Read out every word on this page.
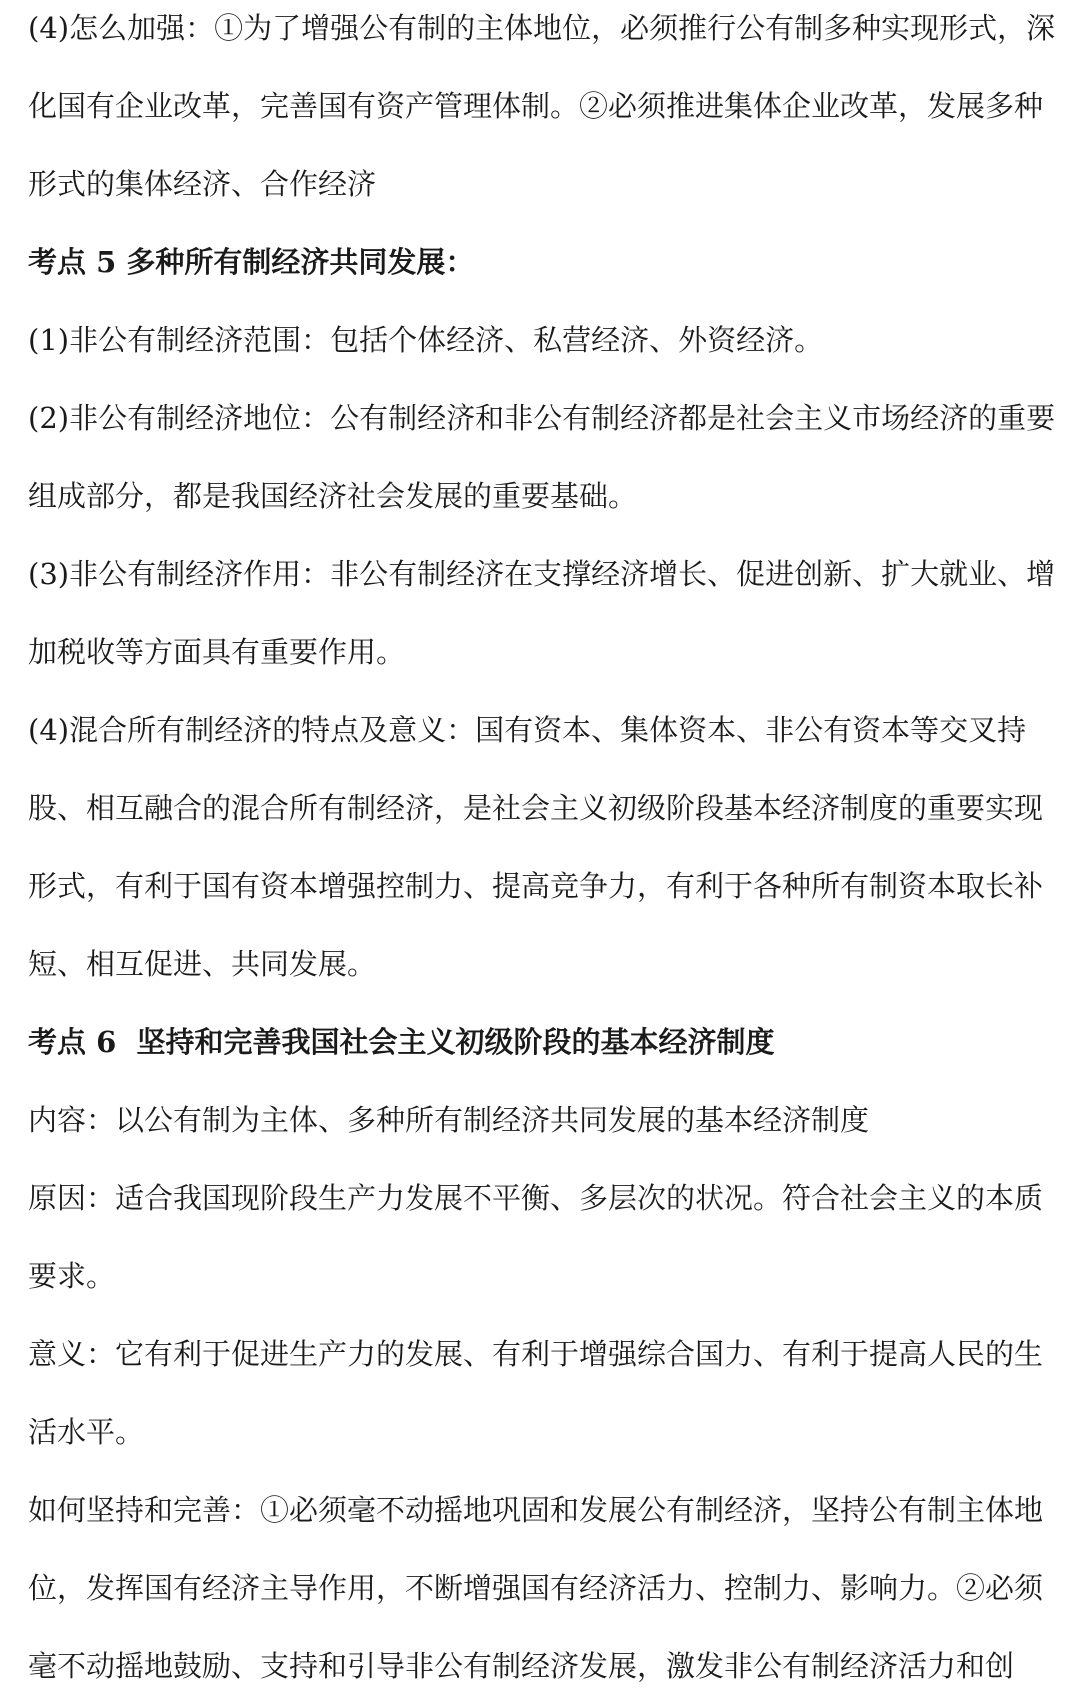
(4)怎么加强：①为了增强公有制的主体地位，必须推行公有制多种实现形式，深化国有企业改革，完善国有资产管理体制。②必须推进集体企业改革，发展多种形式的集体经济、合作经济

考点 5 多种所有制经济共同发展：

(1)非公有制经济范围：包括个体经济、私营经济、外资经济。

(2)非公有制经济地位：公有制经济和非公有制经济都是社会主义市场经济的重要组成部分，都是我国经济社会发展的重要基础。

(3)非公有制经济作用：非公有制经济在支撑经济增长、促进创新、扩大就业、增加税收等方面具有重要作用。

(4)混合所有制经济的特点及意义：国有资本、集体资本、非公有资本等交叉持股、相互融合的混合所有制经济，是社会主义初级阶段基本经济制度的重要实现形式，有利于国有资本增强控制力、提高竞争力，有利于各种所有制资本取长补短、相互促进、共同发展。

考点 6  坚持和完善我国社会主义初级阶段的基本经济制度

内容：以公有制为主体、多种所有制经济共同发展的基本经济制度

原因：适合我国现阶段生产力发展不平衡、多层次的状况。符合社会主义的本质要求。

意义：它有利于促进生产力的发展、有利于增强综合国力、有利于提高人民的生活水平。

如何坚持和完善：①必须毫不动摇地巩固和发展公有制经济，坚持公有制主体地位，发挥国有经济主导作用，不断增强国有经济活力、控制力、影响力。②必须毫不动摇地鼓励、支持和引导非公有制经济发展，激发非公有制经济活力和创
